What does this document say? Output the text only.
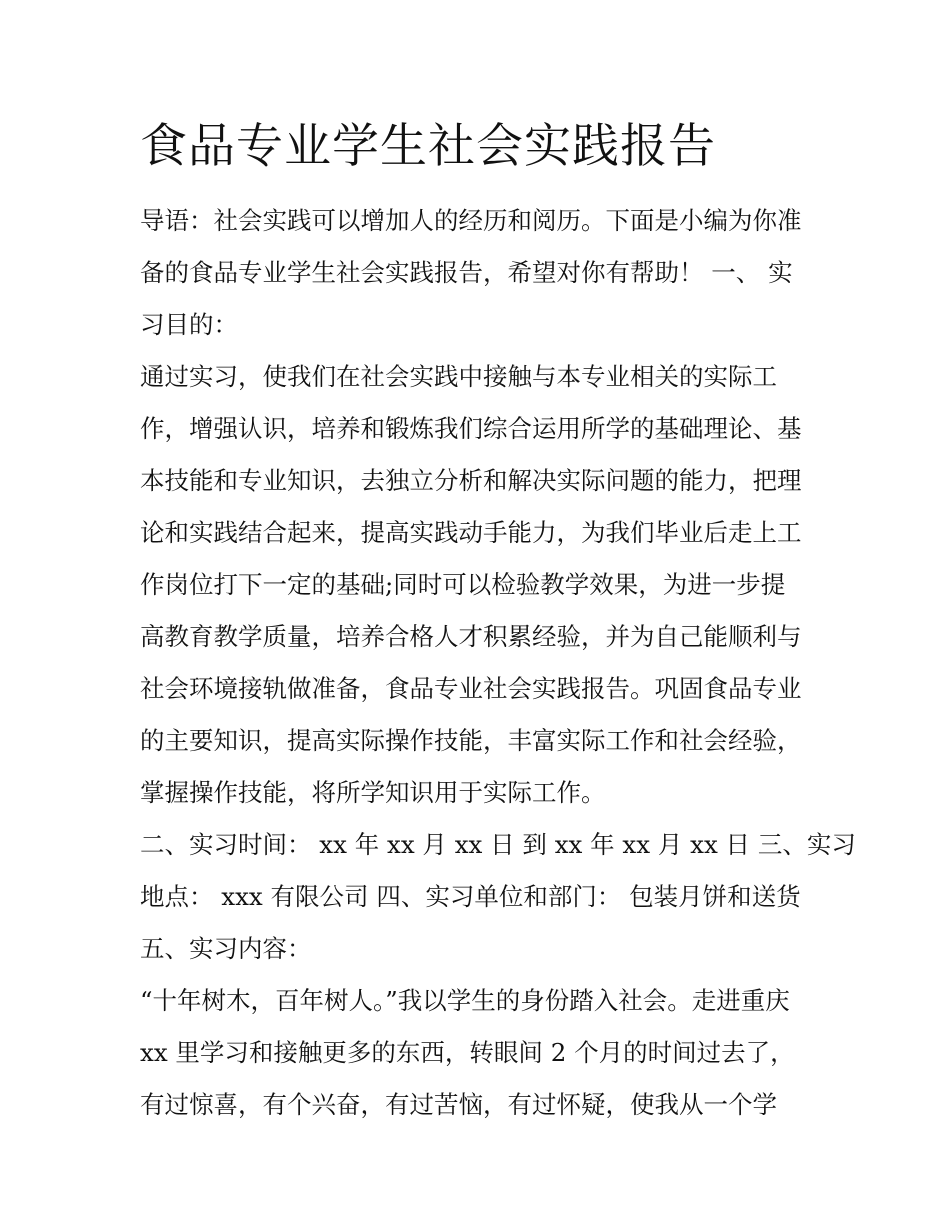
食品专业学生社会实践报告
导语：社会实践可以增加人的经历和阅历。下面是小编为你准
备的食品专业学生社会实践报告，希望对你有帮助！ 一、 实
习目的：
通过实习，使我们在社会实践中接触与本专业相关的实际工
作，增强认识，培养和锻炼我们综合运用所学的基础理论、基
本技能和专业知识，去独立分析和解决实际问题的能力，把理
论和实践结合起来，提高实践动手能力，为我们毕业后走上工
作岗位打下一定的基础;同时可以检验教学效果，为进一步提
高教育教学质量，培养合格人才积累经验，并为自己能顺利与
社会环境接轨做准备，食品专业社会实践报告。巩固食品专业
的主要知识，提高实际操作技能，丰富实际工作和社会经验，
掌握操作技能，将所学知识用于实际工作。
二、实习时间： xx 年 xx 月 xx 日 到 xx 年 xx 月 xx 日 三、实习
地点： xxx 有限公司 四、实习单位和部门： 包装月饼和送货
五、实习内容：
“十年树木，百年树人。”我以学生的身份踏入社会。走进重庆
xx 里学习和接触更多的东西，转眼间 2 个月的时间过去了，
有过惊喜，有个兴奋，有过苦恼，有过怀疑，使我从一个学
